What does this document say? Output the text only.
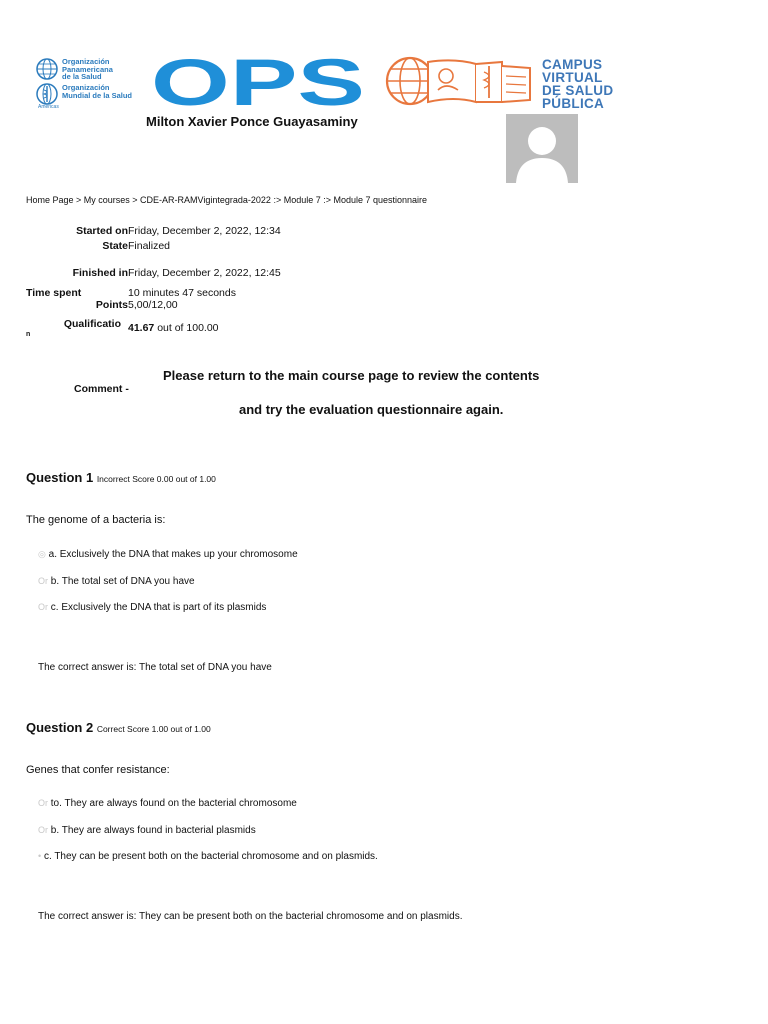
Organización
Panamericana
de la Salud
Organización
Mundial de la Salud
Américas OPS	CAMPUS
VIRTUAL
DE SALUD
PÚBLICA
Milton Xavier Ponce Guayasaminy
Home Page > My courses > CDE-AR-RAMVigintegrada-2022 :> Module 7 :> Module 7 questionnaire
Started on Friday, December 2, 2022, 12:34
State Finalized
Finished in Friday, December 2, 2022, 12:45
Time spent	10 minutes 47 seconds
Points 5,00/12,00
Qualificatio
n
41.67 out of 100.00
Comment -
Please return to the main course page to review the contents
and try the evaluation questionnaire again.
Question 1 Incorrect Score 0.00 out of 1.00
The genome of a bacteria is:
◎ a. Exclusively the DNA that makes up your chromosome
Or b. The total set of DNA you have
Or c. Exclusively the DNA that is part of its plasmids
The correct answer is: The total set of DNA you have
Question 2 Correct Score 1.00 out of 1.00
Genes that confer resistance:
Or to. They are always found on the bacterial chromosome
Or b. They are always found in bacterial plasmids
• c. They can be present both on the bacterial chromosome and on plasmids.
The correct answer is: They can be present both on the bacterial chromosome and on plasmids.
